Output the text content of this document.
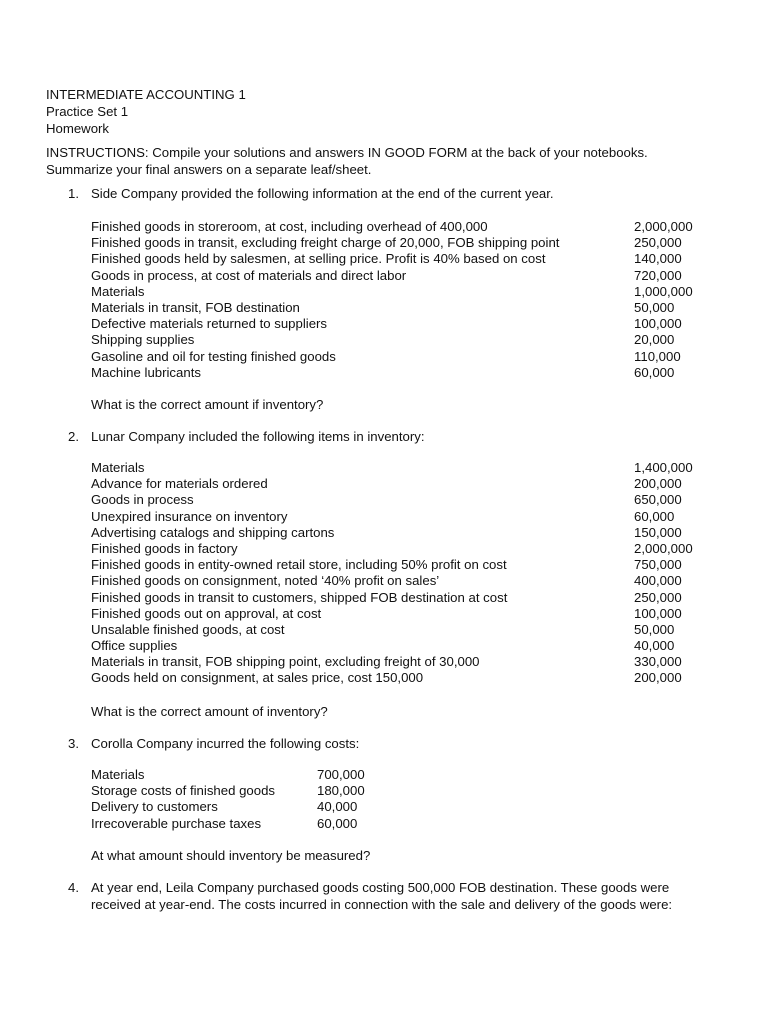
INTERMEDIATE ACCOUNTING 1
Practice Set 1
Homework
INSTRUCTIONS: Compile your solutions and answers IN GOOD FORM at the back of your notebooks.
Summarize your final answers on a separate leaf/sheet.
1. Side Company provided the following information at the end of the current year.
Finished goods in storeroom, at cost, including overhead of 400,000	2,000,000
Finished goods in transit, excluding freight charge of 20,000, FOB shipping point	250,000
Finished goods held by salesmen, at selling price. Profit is 40% based on cost	140,000
Goods in process, at cost of materials and direct labor	720,000
Materials	1,000,000
Materials in transit, FOB destination	50,000
Defective materials returned to suppliers	100,000
Shipping supplies	20,000
Gasoline and oil for testing finished goods	110,000
Machine lubricants	60,000
What is the correct amount if inventory?
2. Lunar Company included the following items in inventory:
Materials	1,400,000
Advance for materials ordered	200,000
Goods in process	650,000
Unexpired insurance on inventory	60,000
Advertising catalogs and shipping cartons	150,000
Finished goods in factory	2,000,000
Finished goods in entity-owned retail store, including 50% profit on cost	750,000
Finished goods on consignment, noted ‘40% profit on sales’	400,000
Finished goods in transit to customers, shipped FOB destination at cost	250,000
Finished goods out on approval, at cost	100,000
Unsalable finished goods, at cost	50,000
Office supplies	40,000
Materials in transit, FOB shipping point, excluding freight of 30,000	330,000
Goods held on consignment, at sales price, cost 150,000	200,000
What is the correct amount of inventory?
3. Corolla Company incurred the following costs:
Materials	700,000
Storage costs of finished goods	180,000
Delivery to customers	40,000
Irrecoverable purchase taxes	60,000
At what amount should inventory be measured?
4. At year end, Leila Company purchased goods costing 500,000 FOB destination. These goods were
received at year-end. The costs incurred in connection with the sale and delivery of the goods were:
